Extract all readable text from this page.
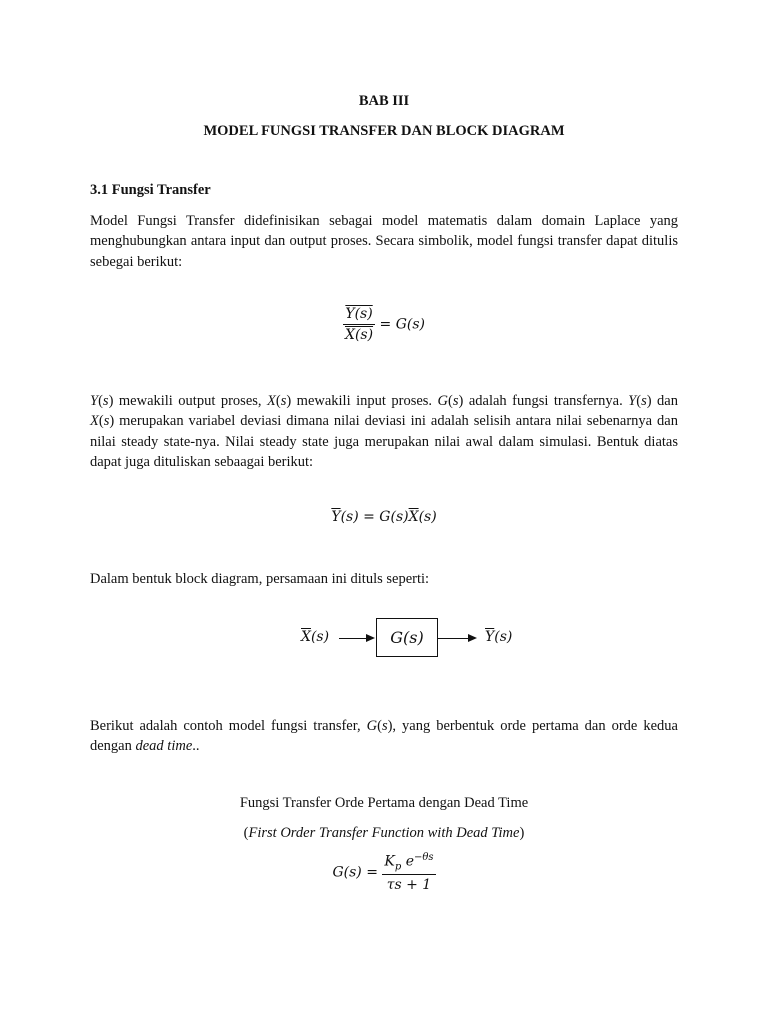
BAB III
MODEL FUNGSI TRANSFER DAN BLOCK DIAGRAM
3.1 Fungsi Transfer

Model Fungsi Transfer didefinisikan sebagai model matematis dalam domain Laplace yang menghubungkan antara input dan output proses. Secara simbolik, model fungsi transfer dapat ditulis sebegai berikut:

$\frac{Y(s)}{X(s)} = G(s)$

Y(s) mewakili output proses, X(s) mewakili input proses. G(s) adalah fungsi transfernya. Y(s) dan X(s) merupakan variabel deviasi dimana nilai deviasi ini adalah selisih antara nilai sebenarnya dan nilai steady state-nya. Nilai steady state juga merupakan nilai awal dalam simulasi. Bentuk diatas dapat juga dituliskan sebaagai berikut:

$\overline{Y}(s) = G(s)\overline{X}(s)$

Dalam bentuk block diagram, persamaan ini dituls seperti:

$\overline{X}(s)$	G(s)	$\overline{Y}(s)$

Berikut adalah contoh model fungsi transfer, G(s), yang berbentuk orde pertama dan orde kedua dengan dead time..

Fungsi Transfer Orde Pertama dengan Dead Time
(First Order Transfer Function with Dead Time)
$G(s) = \frac{K_p e^{-\theta s}}{\tau s + 1}$
